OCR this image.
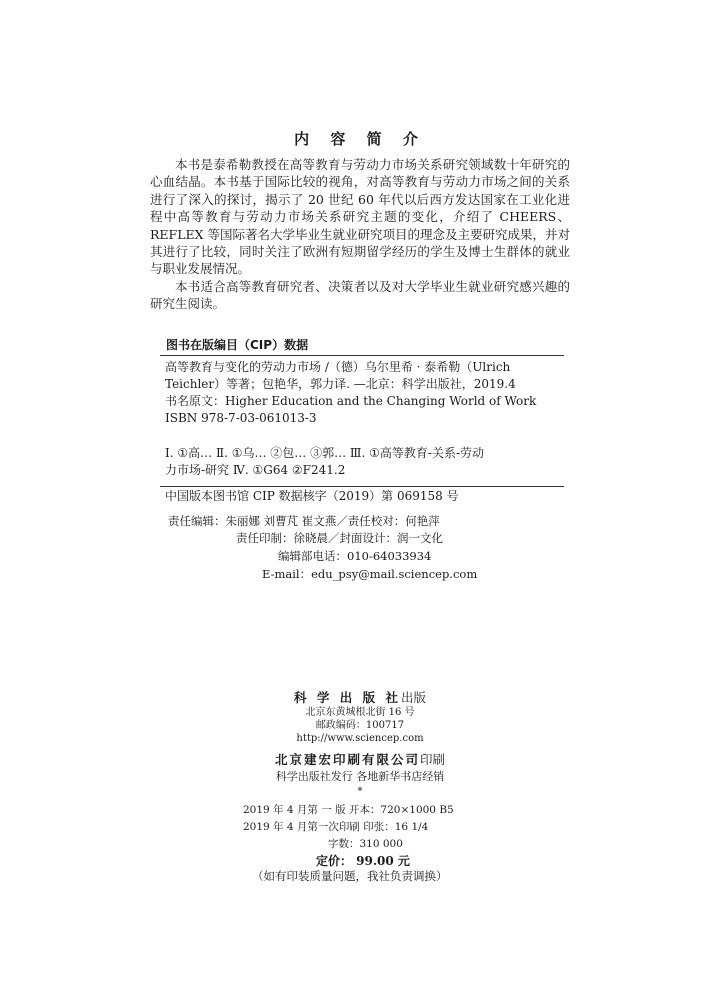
内 容 简 介

本书是泰希勒教授在高等教育与劳动力市场关系研究领域数十年研究的心血结晶。本书基于国际比较的视角，对高等教育与劳动力市场之间的关系进行了深入的探讨，揭示了 20 世纪 60 年代以后西方发达国家在工业化进程中高等教育与劳动力市场关系研究主题的变化，介绍了 CHEERS、REFLEX 等国际著名大学毕业生就业研究项目的理念及主要研究成果，并对其进行了比较，同时关注了欧洲有短期留学经历的学生及博士生群体的就业与职业发展情况。

本书适合高等教育研究者、决策者以及对大学毕业生就业研究感兴趣的研究生阅读。

图书在版编目（CIP）数据
高等教育与变化的劳动力市场 /（德）乌尔里希 · 泰希勒（Ulrich
Teichler）等著；包艳华，郭力译. —北京：科学出版社，2019.4
书名原文：Higher Education and the Changing World of Work
ISBN 978-7-03-061013-3
Ⅰ. ①高… Ⅱ. ①乌… ②包… ③郭… Ⅲ. ①高等教育-关系-劳动
力市场-研究 Ⅳ. ①G64 ②F241.2
中国版本图书馆 CIP 数据核字（2019）第 069158 号
责任编辑：朱丽娜 刘曹芃 崔文燕／责任校对：何艳萍
责任印制：徐晓晨／封面设计：润一文化
编辑部电话：010-64033934
E-mail：edu_psy@mail.sciencep.com
科 学 出 版 社出版
北京东黄城根北街 16 号
邮政编码：100717
http://www.sciencep.com
北京建宏印刷有限公司印刷
科学出版社发行 各地新华书店经销
*
2019 年 4 月第 一 版 开本：720×1000 B5
2019 年 4 月第一次印刷 印张：16 1/4
字数：310 000
定价： 99.00 元
（如有印装质量问题，我社负责调换）
